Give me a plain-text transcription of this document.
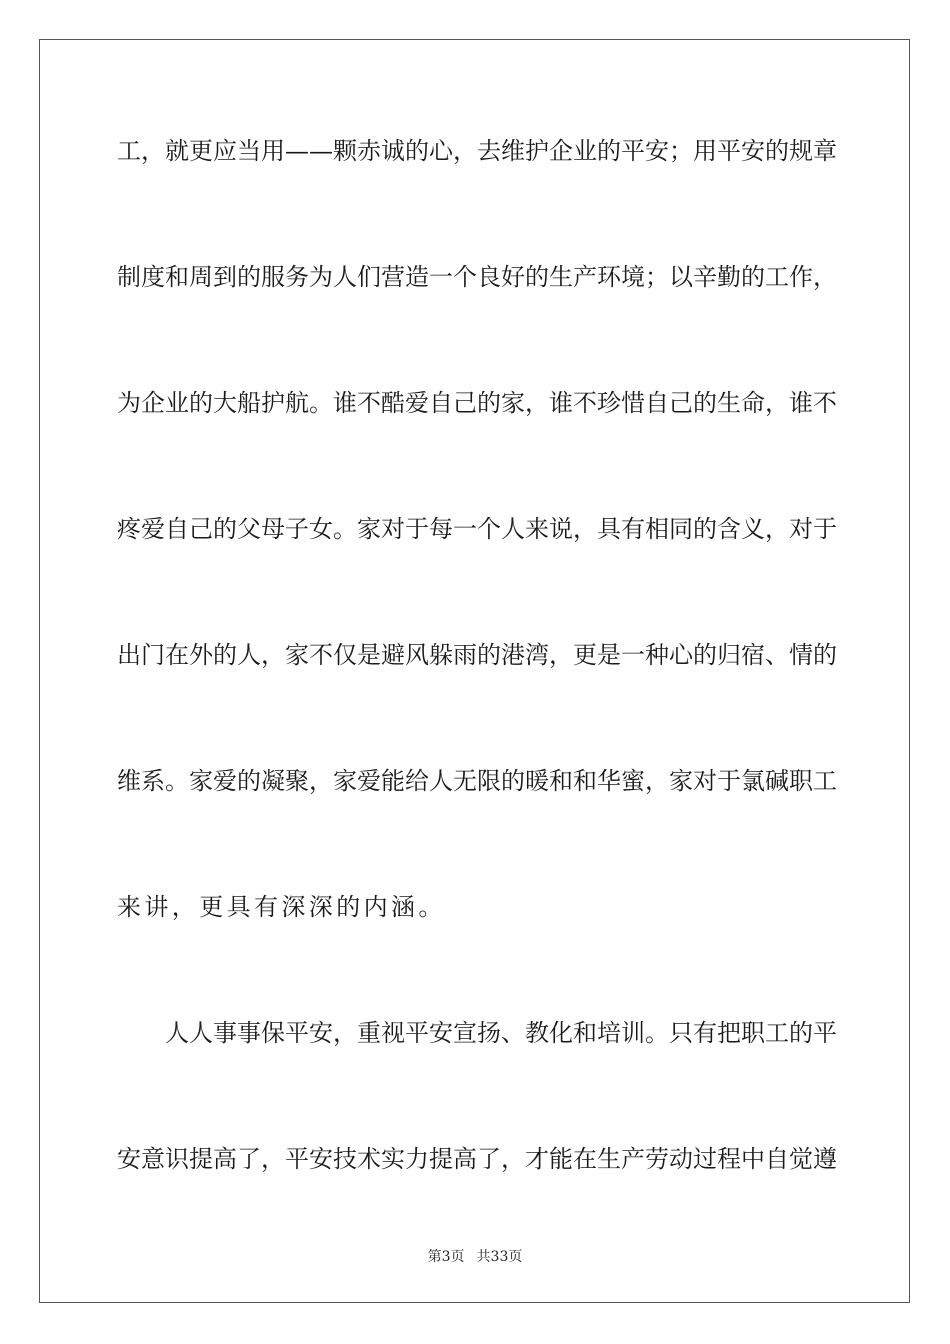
工，就更应当用——颗赤诚的心，去维护企业的平安；用平安的规章
制度和周到的服务为人们营造一个良好的生产环境；以辛勤的工作，
为企业的大船护航。谁不酷爱自己的家，谁不珍惜自己的生命，谁不
疼爱自己的父母子女。家对于每一个人来说，具有相同的含义，对于
出门在外的人，家不仅是避风躲雨的港湾，更是一种心的归宿、情的
维系。家爱的凝聚，家爱能给人无限的暖和和华蜜，家对于氯碱职工
来讲，更具有深深的内涵。
　　人人事事保平安，重视平安宣扬、教化和培训。只有把职工的平
安意识提高了，平安技术实力提高了，才能在生产劳动过程中自觉遵
第3页 共33页
